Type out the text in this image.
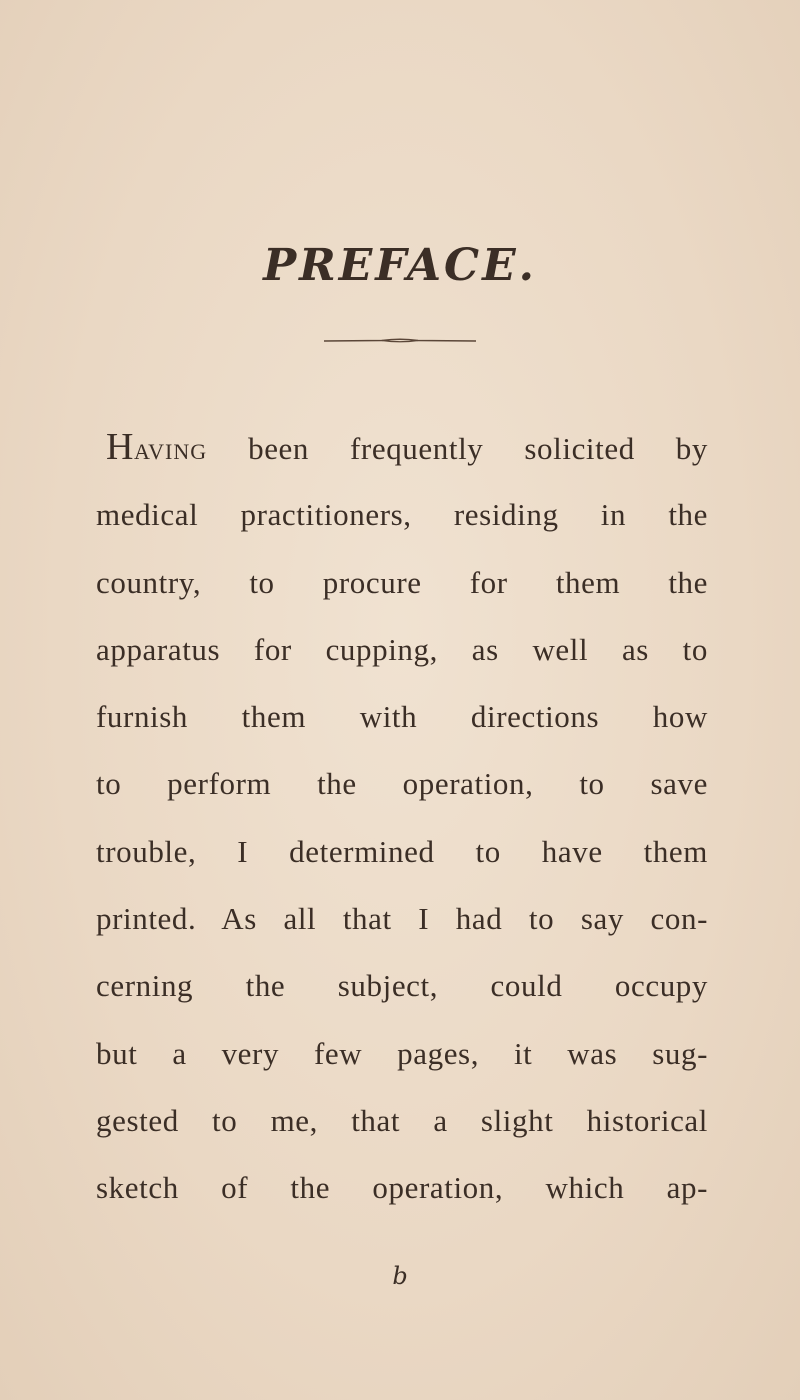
PREFACE.
Having been frequently solicited by
medical practitioners, residing in the
country, to procure for them the
apparatus for cupping, as well as to
furnish them with directions how
to perform the operation, to save
trouble, I determined to have them
printed. As all that I had to say con-
cerning the subject, could occupy
but a very few pages, it was sug-
gested to me, that a slight historical
sketch of the operation, which ap-
b
